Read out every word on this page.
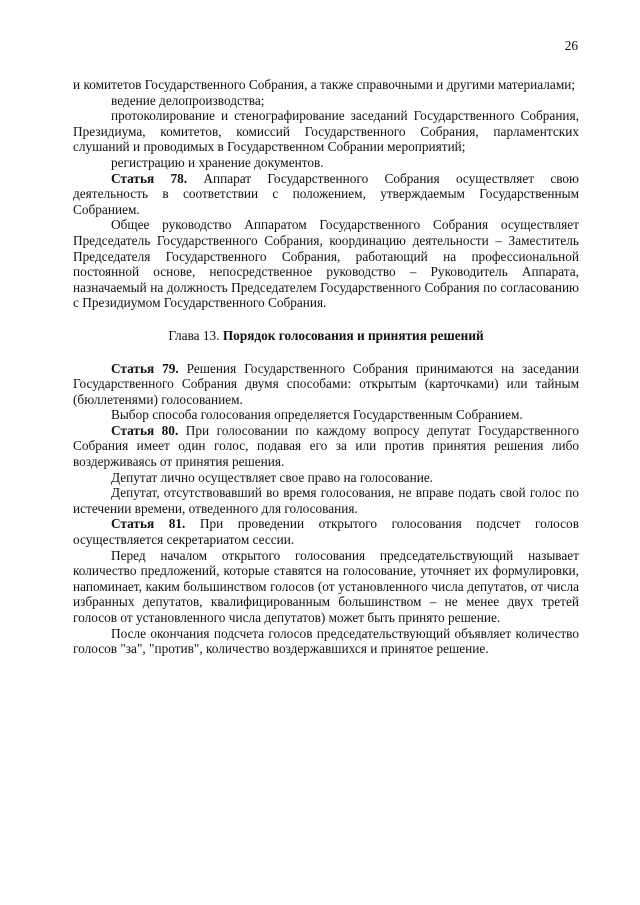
26

и комитетов Государственного Собрания, а также справочными и другими материалами;

ведение делопроизводства;

протоколирование и стенографирование заседаний Государственного Собрания, Президиума, комитетов, комиссий Государственного Собрания, парламентских слушаний и проводимых в Государственном Собрании мероприятий;

регистрацию и хранение документов.

Статья 78. Аппарат Государственного Собрания осуществляет свою деятельность в соответствии с положением, утверждаемым Государственным Собранием.

Общее руководство Аппаратом Государственного Собрания осуществляет Председатель Государственного Собрания, координацию деятельности – Заместитель Председателя Государственного Собрания, работающий на профессиональной постоянной основе, непосредственное руководство – Руководитель Аппарата, назначаемый на должность Председателем Государственного Собрания по согласованию с Президиумом Государственного Собрания.

Глава 13. Порядок голосования и принятия решений

Статья 79. Решения Государственного Собрания принимаются на заседании Государственного Собрания двумя способами: открытым (карточками) или тайным (бюллетенями) голосованием.

Выбор способа голосования определяется Государственным Собранием.

Статья 80. При голосовании по каждому вопросу депутат Государственного Собрания имеет один голос, подавая его за или против принятия решения либо воздерживаясь от принятия решения.

Депутат лично осуществляет свое право на голосование.

Депутат, отсутствовавший во время голосования, не вправе подать свой голос по истечении времени, отведенного для голосования.

Статья 81. При проведении открытого голосования подсчет голосов осуществляется секретариатом сессии.

Перед началом открытого голосования председательствующий называет количество предложений, которые ставятся на голосование, уточняет их формулировки, напоминает, каким большинством голосов (от установленного числа депутатов, от числа избранных депутатов, квалифицированным большинством – не менее двух третей голосов от установленного числа депутатов) может быть принято решение.

После окончания подсчета голосов председательствующий объявляет количество голосов "за", "против", количество воздержавшихся и принятое решение.
